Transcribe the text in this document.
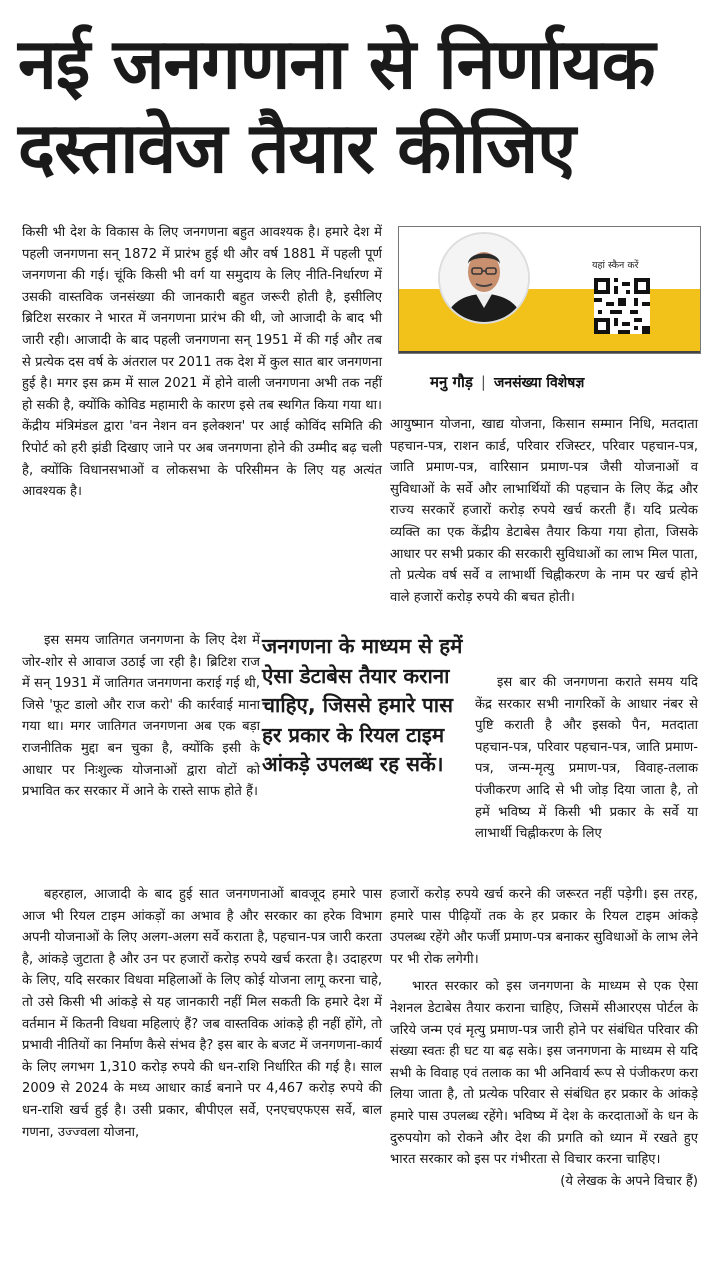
नई जनगणना से निर्णायक
दस्तावेज तैयार कीजिए
यहां स्कैन करें
मनु गौड़ | जनसंख्या विशेषज्ञ

किसी भी देश के विकास के लिए जनगणना बहुत आवश्यक है। हमारे देश में पहली जनगणना सन् 1872 में प्रारंभ हुई थी और वर्ष 1881 में पहली पूर्ण जनगणना की गई। चूंकि किसी भी वर्ग या समुदाय के लिए नीति-निर्धारण में उसकी वास्तविक जनसंख्या की जानकारी बहुत जरूरी होती है, इसीलिए ब्रिटिश सरकार ने भारत में जनगणना प्रारंभ की थी, जो आजादी के बाद भी जारी रही। आजादी के बाद पहली जनगणना सन् 1951 में की गई और तब से प्रत्येक दस वर्ष के अंतराल पर 2011 तक देश में कुल सात बार जनगणना हुई है। मगर इस क्रम में साल 2021 में होने वाली जनगणना अभी तक नहीं हो सकी है, क्योंकि कोविड महामारी के कारण इसे तब स्थगित किया गया था। केंद्रीय मंत्रिमंडल द्वारा 'वन नेशन वन इलेक्शन' पर आई कोविंद समिति की रिपोर्ट को हरी झंडी दिखाए जाने पर अब जनगणना होने की उम्मीद बढ़ चली है, क्योंकि विधानसभाओं व लोकसभा के परिसीमन के लिए यह अत्यंत आवश्यक है।

इस समय जातिगत जनगणना के लिए देश में जोर-शोर से आवाज उठाई जा रही है। ब्रिटिश राज में सन् 1931 में जातिगत जनगणना कराई गई थी, जिसे 'फूट डालो और राज करो' की कार्रवाई माना गया था। मगर जातिगत जनगणना अब एक बड़ा राजनीतिक मुद्दा बन चुका है, क्योंकि इसी के आधार पर निःशुल्क योजनाओं द्वारा वोटों को प्रभावित कर सरकार में आने के रास्ते साफ होते हैं।

जनगणना के माध्यम से हमें ऐसा डेटाबेस तैयार कराना चाहिए, जिससे हमारे पास हर प्रकार के रियल टाइम आंकड़े उपलब्ध रह सकें।

बहरहाल, आजादी के बाद हुई सात जनगणनाओं बावजूद हमारे पास आज भी रियल टाइम आंकड़ों का अभाव है और सरकार का हरेक विभाग अपनी योजनाओं के लिए अलग-अलग सर्वे कराता है, पहचान-पत्र जारी करता है, आंकड़े जुटाता है और उन पर हजारों करोड़ रुपये खर्च करता है। उदाहरण के लिए, यदि सरकार विधवा महिलाओं के लिए कोई योजना लागू करना चाहे, तो उसे किसी भी आंकड़े से यह जानकारी नहीं मिल सकती कि हमारे देश में वर्तमान में कितनी विधवा महिलाएं हैं? जब वास्तविक आंकड़े ही नहीं होंगे, तो प्रभावी नीतियों का निर्माण कैसे संभव है? इस बार के बजट में जनगणना-कार्य के लिए लगभग 1,310 करोड़ रुपये की धन-राशि निर्धारित की गई है। साल 2009 से 2024 के मध्य आधार कार्ड बनाने पर 4,467 करोड़ रुपये की धन-राशि खर्च हुई है। उसी प्रकार, बीपीएल सर्वे, एनएचएफएस सर्वे, बाल गणना, उज्ज्वला योजना,

आयुष्मान योजना, खाद्य योजना, किसान सम्मान निधि, मतदाता पहचान-पत्र, राशन कार्ड, परिवार रजिस्टर, परिवार पहचान-पत्र, जाति प्रमाण-पत्र, वारिसान प्रमाण-पत्र जैसी योजनाओं व सुविधाओं के सर्वे और लाभार्थियों की पहचान के लिए केंद्र और राज्य सरकारें हजारों करोड़ रुपये खर्च करती हैं। यदि प्रत्येक व्यक्ति का एक केंद्रीय डेटाबेस तैयार किया गया होता, जिसके आधार पर सभी प्रकार की सरकारी सुविधाओं का लाभ मिल पाता, तो प्रत्येक वर्ष सर्वे व लाभार्थी चिह्नीकरण के नाम पर खर्च होने वाले हजारों करोड़ रुपये की बचत होती।

इस बार की जनगणना कराते समय यदि केंद्र सरकार सभी नागरिकों के आधार नंबर से पुष्टि कराती है और इसको पैन, मतदाता पहचान-पत्र, परिवार पहचान-पत्र, जाति प्रमाण-पत्र, जन्म-मृत्यु प्रमाण-पत्र, विवाह-तलाक पंजीकरण आदि से भी जोड़ दिया जाता है, तो हमें भविष्य में किसी भी प्रकार के सर्वे या लाभार्थी चिह्नीकरण के लिए

हजारों करोड़ रुपये खर्च करने की जरूरत नहीं पड़ेगी। इस तरह, हमारे पास पीढ़ियों तक के हर प्रकार के रियल टाइम आंकड़े उपलब्ध रहेंगे और फर्जी प्रमाण-पत्र बनाकर सुविधाओं के लाभ लेने पर भी रोक लगेगी।

भारत सरकार को इस जनगणना के माध्यम से एक ऐसा नेशनल डेटाबेस तैयार कराना चाहिए, जिसमें सीआरएस पोर्टल के जरिये जन्म एवं मृत्यु प्रमाण-पत्र जारी होने पर संबंधित परिवार की संख्या स्वतः ही घट या बढ़ सके। इस जनगणना के माध्यम से यदि सभी के विवाह एवं तलाक का भी अनिवार्य रूप से पंजीकरण करा लिया जाता है, तो प्रत्येक परिवार से संबंधित हर प्रकार के आंकड़े हमारे पास उपलब्ध रहेंगे। भविष्य में देश के करदाताओं के धन के दुरुपयोग को रोकने और देश की प्रगति को ध्यान में रखते हुए भारत सरकार को इस पर गंभीरता से विचार करना चाहिए।

(ये लेखक के अपने विचार हैं)
